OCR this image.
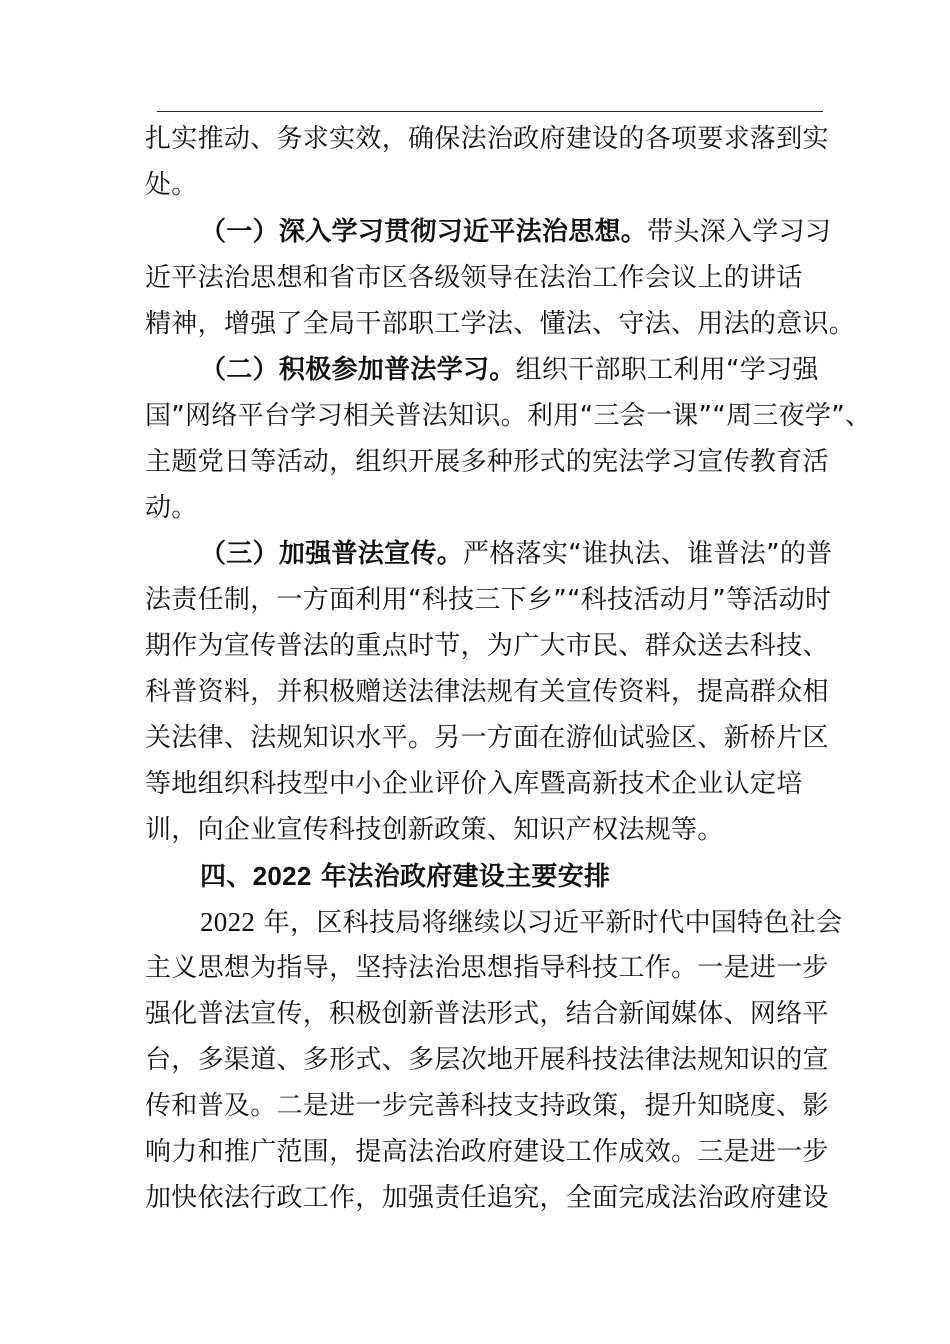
扎实推动、务求实效，确保法治政府建设的各项要求落到实
处。
（一）深入学习贯彻习近平法治思想。带头深入学习习
近平法治思想和省市区各级领导在法治工作会议上的讲话
精神，增强了全局干部职工学法、懂法、守法、用法的意识。
（二）积极参加普法学习。组织干部职工利用“学习强
国”网络平台学习相关普法知识。利用“三会一课”“周三夜学”、
主题党日等活动，组织开展多种形式的宪法学习宣传教育活
动。
（三）加强普法宣传。严格落实“谁执法、谁普法”的普
法责任制，一方面利用“科技三下乡”“科技活动月”等活动时
期作为宣传普法的重点时节，为广大市民、群众送去科技、
科普资料，并积极赠送法律法规有关宣传资料，提高群众相
关法律、法规知识水平。另一方面在游仙试验区、新桥片区
等地组织科技型中小企业评价入库暨高新技术企业认定培
训，向企业宣传科技创新政策、知识产权法规等。
四、2022 年法治政府建设主要安排
2022 年，区科技局将继续以习近平新时代中国特色社会
主义思想为指导，坚持法治思想指导科技工作。一是进一步
强化普法宣传，积极创新普法形式，结合新闻媒体、网络平
台，多渠道、多形式、多层次地开展科技法律法规知识的宣
传和普及。二是进一步完善科技支持政策，提升知晓度、影
响力和推广范围，提高法治政府建设工作成效。三是进一步
加快依法行政工作，加强责任追究，全面完成法治政府建设
